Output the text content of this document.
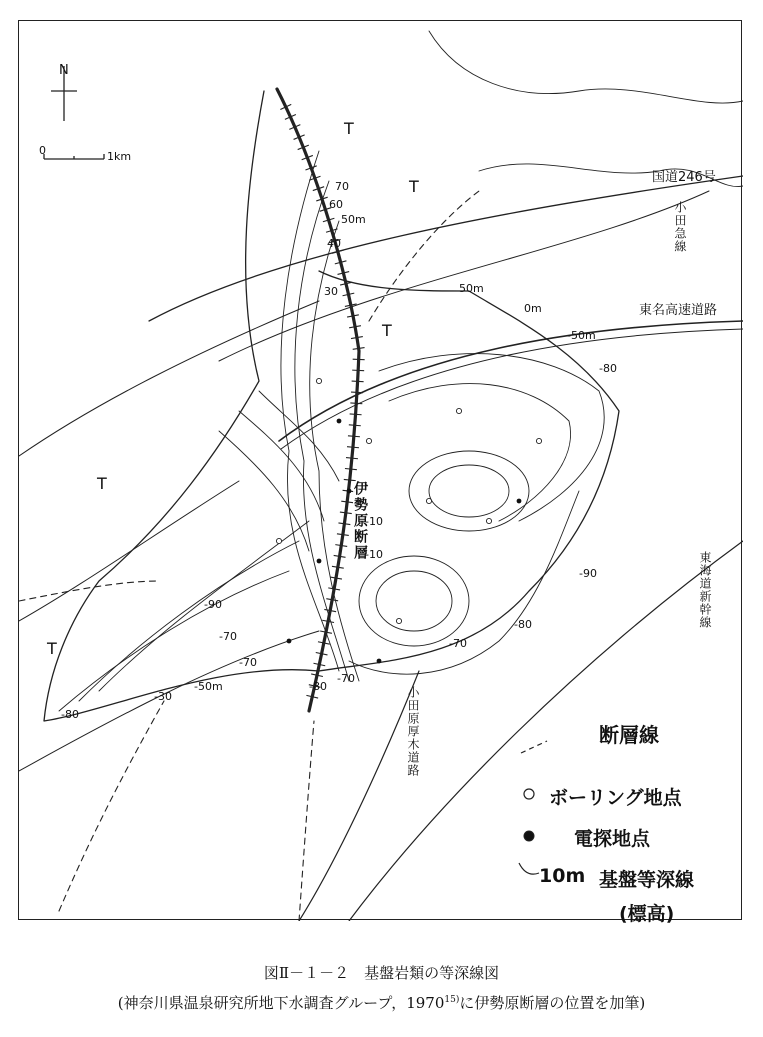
N
0	1km
T
T
T
T
T
国道246号
小田急線
東名高速道路
東海道新幹線
小田原厚木道路
伊勢原断層
70
60
50m
40
30	50m
0m
-50m
-80
-10
-10
-90
-90
-80
-70
-70
-70
-50m
-30
-70
-80
-80
断層線
ボーリング地点
電探地点
10m 基盤等深線
(標高)
図Ⅱ－１－２　基盤岩類の等深線図
(神奈川県温泉研究所地下水調査グループ，1970$^{15)}$に伊勢原断層の位置を加筆)
